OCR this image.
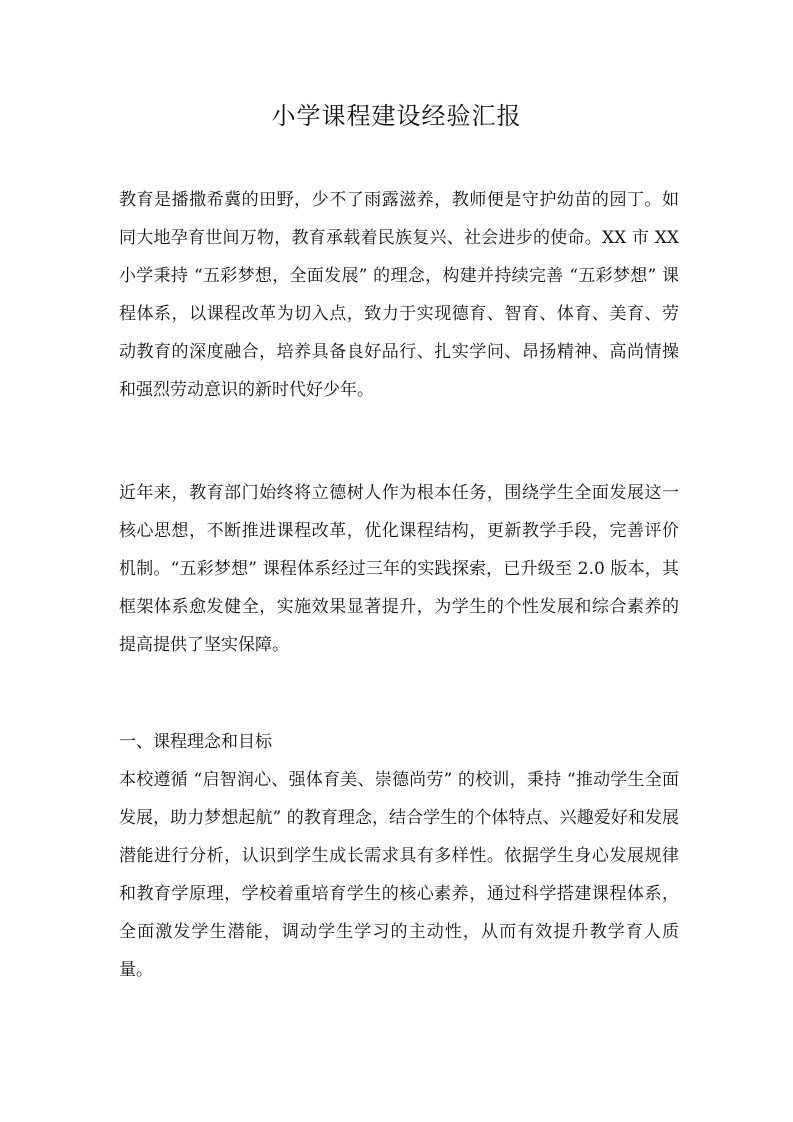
小学课程建设经验汇报

教育是播撒希冀的田野，少不了雨露滋养，教师便是守护幼苗的园丁。如同大地孕育世间万物，教育承载着民族复兴、社会进步的使命。XX 市 XX 小学秉持 “五彩梦想，全面发展” 的理念，构建并持续完善 “五彩梦想” 课程体系，以课程改革为切入点，致力于实现德育、智育、体育、美育、劳动教育的深度融合，培养具备良好品行、扎实学问、昂扬精神、高尚情操和强烈劳动意识的新时代好少年。

近年来，教育部门始终将立德树人作为根本任务，围绕学生全面发展这一核心思想，不断推进课程改革，优化课程结构，更新教学手段，完善评价机制。“五彩梦想” 课程体系经过三年的实践探索，已升级至 2.0 版本，其框架体系愈发健全，实施效果显著提升，为学生的个性发展和综合素养的提高提供了坚实保障。

一、课程理念和目标

本校遵循 “启智润心、强体育美、崇德尚劳” 的校训，秉持 “推动学生全面发展，助力梦想起航” 的教育理念，结合学生的个体特点、兴趣爱好和发展潜能进行分析，认识到学生成长需求具有多样性。依据学生身心发展规律和教育学原理，学校着重培育学生的核心素养，通过科学搭建课程体系，全面激发学生潜能，调动学生学习的主动性，从而有效提升教学育人质量。
